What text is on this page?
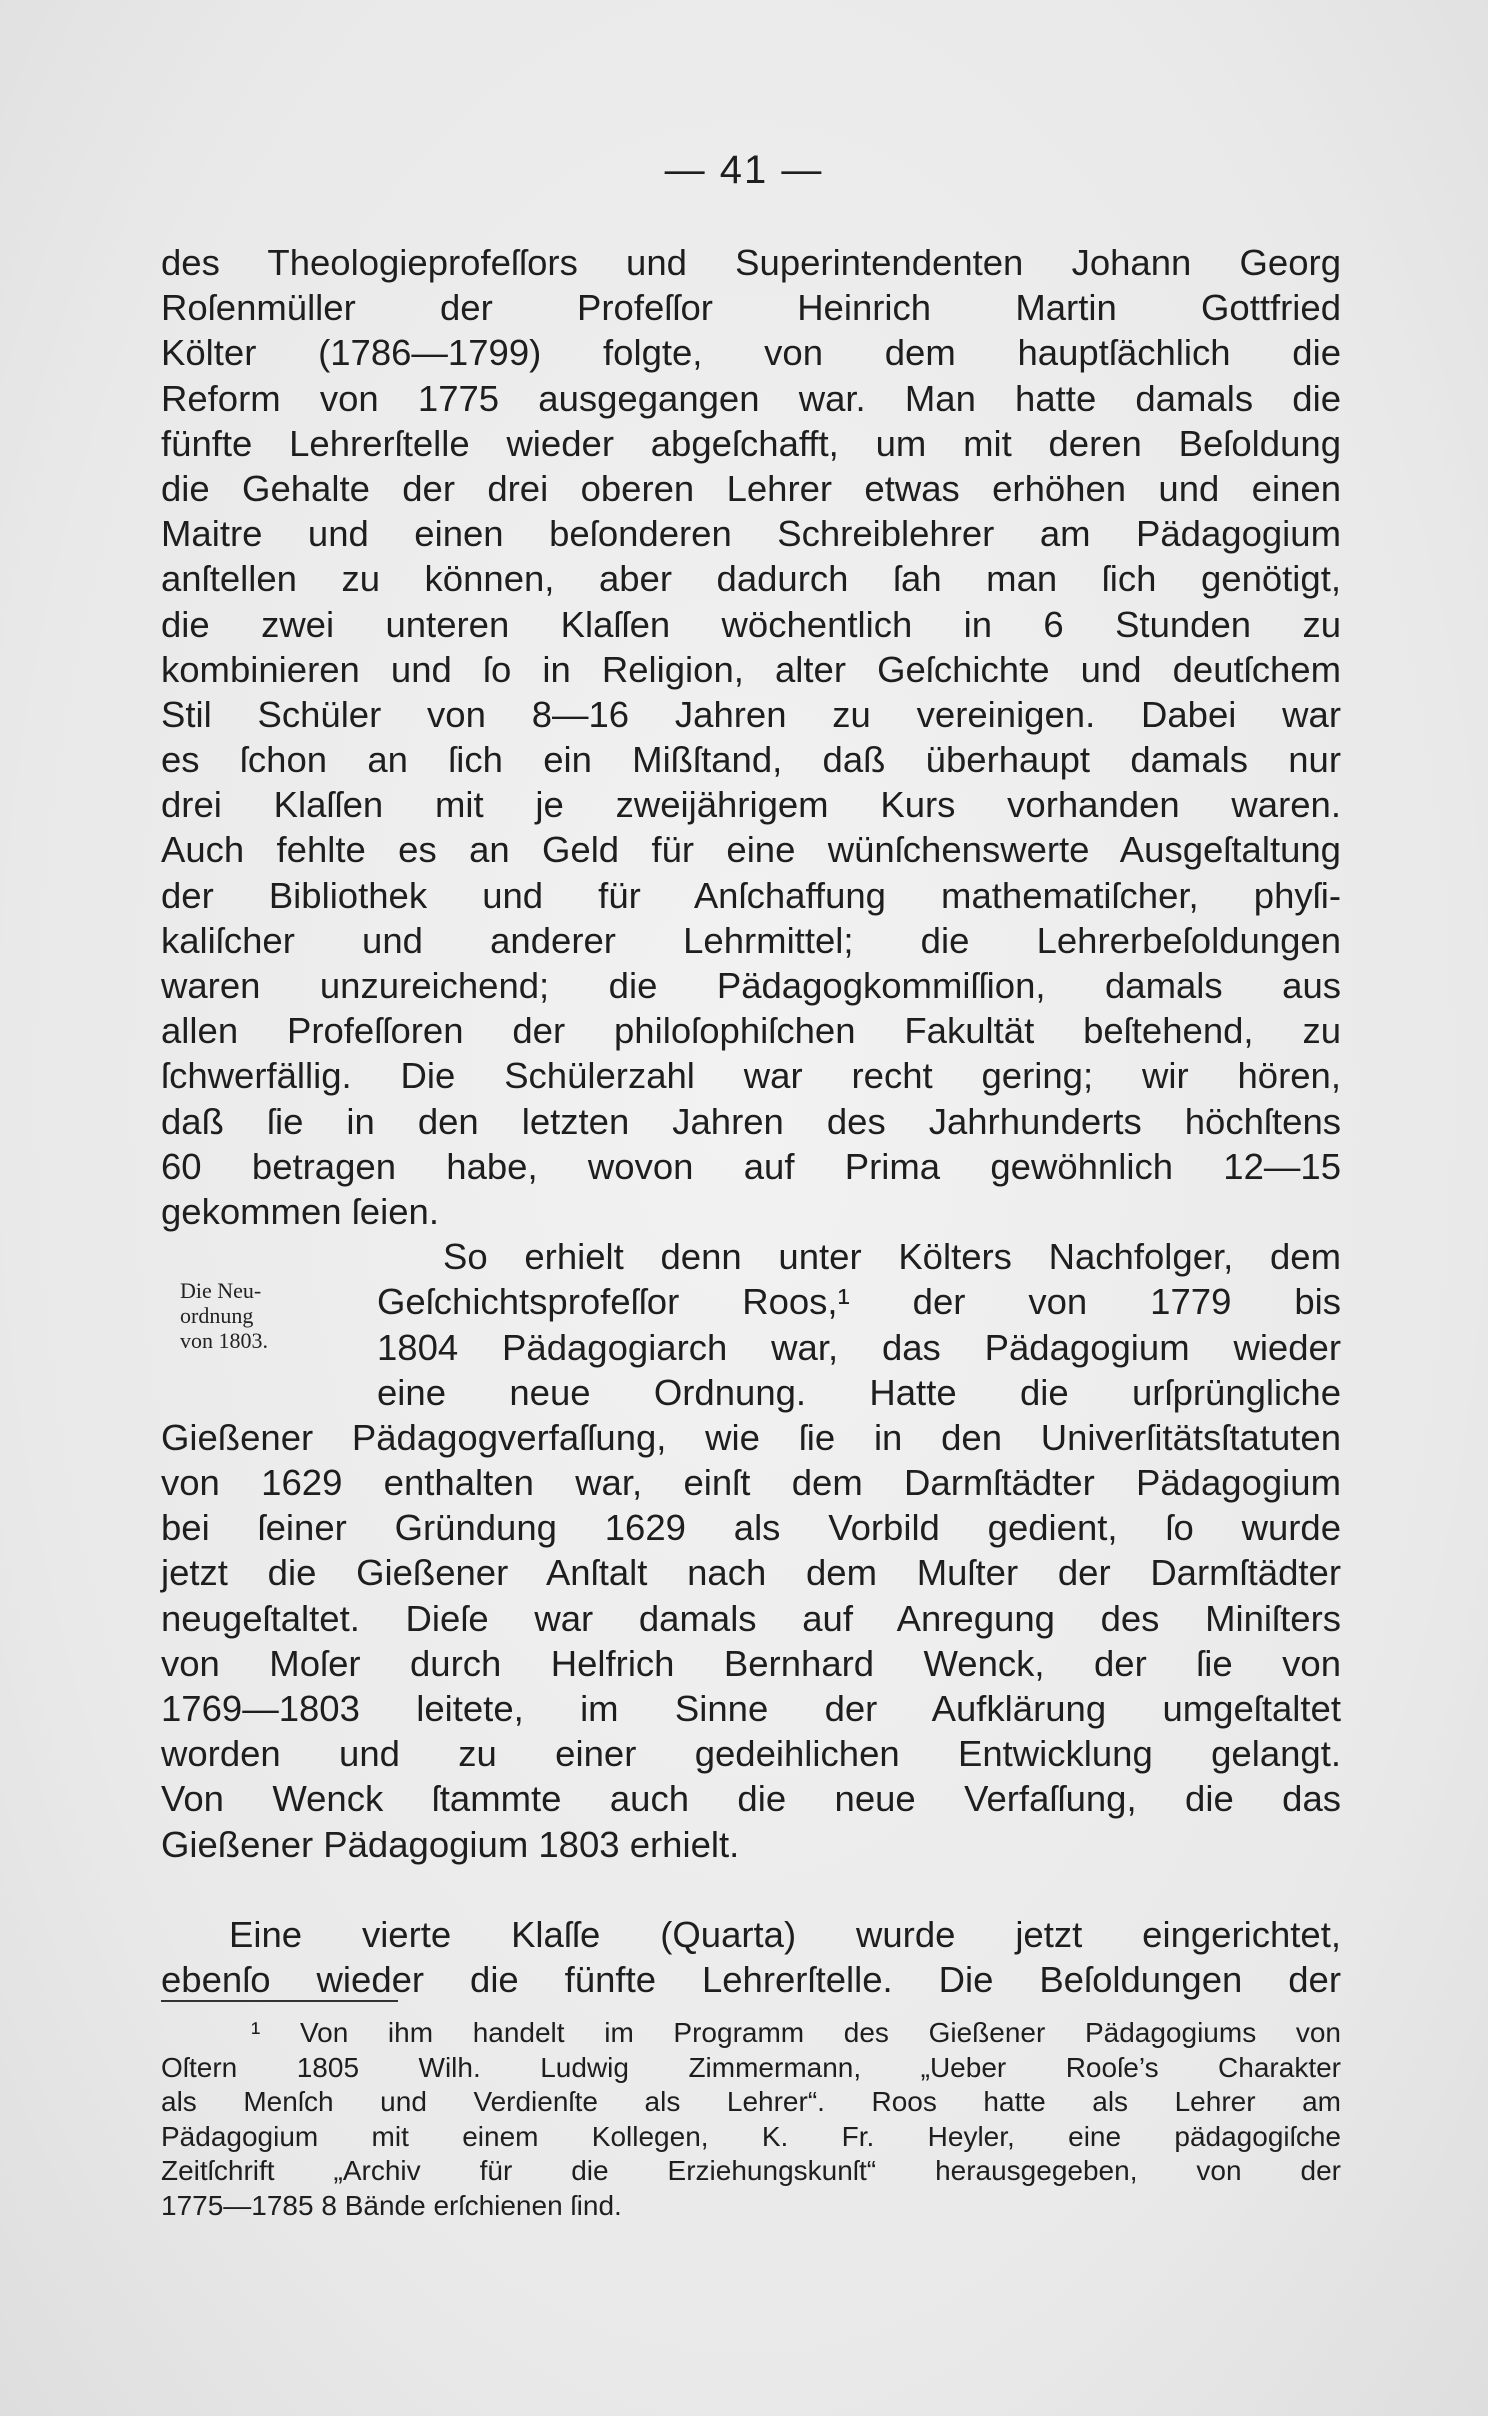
— 41 —
Die Neu-
ordnung
von 1803.
des Theologieprofeſſors und Superintendenten Johann Georg
Roſenmüller der Profeſſor Heinrich Martin Gottfried
Költer (1786—1799) folgte, von dem hauptſächlich die
Reform von 1775 ausgegangen war. Man hatte damals die
fünfte Lehrerſtelle wieder abgeſchafft, um mit deren Beſoldung
die Gehalte der drei oberen Lehrer etwas erhöhen und einen
Maitre und einen beſonderen Schreiblehrer am Pädagogium
anſtellen zu können, aber dadurch ſah man ſich genötigt,
die zwei unteren Klaſſen wöchentlich in 6 Stunden zu
kombinieren und ſo in Religion, alter Geſchichte und deutſchem
Stil Schüler von 8—16 Jahren zu vereinigen. Dabei war
es ſchon an ſich ein Mißſtand, daß überhaupt damals nur
drei Klaſſen mit je zweijährigem Kurs vorhanden waren.
Auch fehlte es an Geld für eine wünſchenswerte Ausgeſtaltung
der Bibliothek und für Anſchaffung mathematiſcher, phyſi-
kaliſcher und anderer Lehrmittel; die Lehrerbeſoldungen
waren unzureichend; die Pädagogkommiſſion, damals aus
allen Profeſſoren der philoſophiſchen Fakultät beſtehend, zu
ſchwerfällig. Die Schülerzahl war recht gering; wir hören,
daß ſie in den letzten Jahren des Jahrhunderts höchſtens
60 betragen habe, wovon auf Prima gewöhnlich 12—15
gekommen ſeien.
So erhielt denn unter Költers Nachfolger, dem
Geſchichtsprofeſſor Roos,¹ der von 1779 bis
1804 Pädagogiarch war, das Pädagogium wieder
eine neue Ordnung. Hatte die urſprüngliche
Gießener Pädagogverfaſſung, wie ſie in den Univerſitätsſtatuten
von 1629 enthalten war, einſt dem Darmſtädter Pädagogium
bei ſeiner Gründung 1629 als Vorbild gedient, ſo wurde
jetzt die Gießener Anſtalt nach dem Muſter der Darmſtädter
neugeſtaltet. Dieſe war damals auf Anregung des Miniſters
von Moſer durch Helfrich Bernhard Wenck, der ſie von
1769—1803 leitete, im Sinne der Aufklärung umgeſtaltet
worden und zu einer gedeihlichen Entwicklung gelangt.
Von Wenck ſtammte auch die neue Verfaſſung, die das
Gießener Pädagogium 1803 erhielt.
Eine vierte Klaſſe (Quarta) wurde jetzt eingerichtet,
ebenſo wieder die fünfte Lehrerſtelle. Die Beſoldungen der
¹ Von ihm handelt im Programm des Gießener Pädagogiums von
Oſtern 1805 Wilh. Ludwig Zimmermann, „Ueber Rooſe’s Charakter
als Menſch und Verdienſte als Lehrer“. Roos hatte als Lehrer am
Pädagogium mit einem Kollegen, K. Fr. Heyler, eine pädagogiſche
Zeitſchrift „Archiv für die Erziehungskunſt“ herausgegeben, von der
1775—1785 8 Bände erſchienen ſind.
